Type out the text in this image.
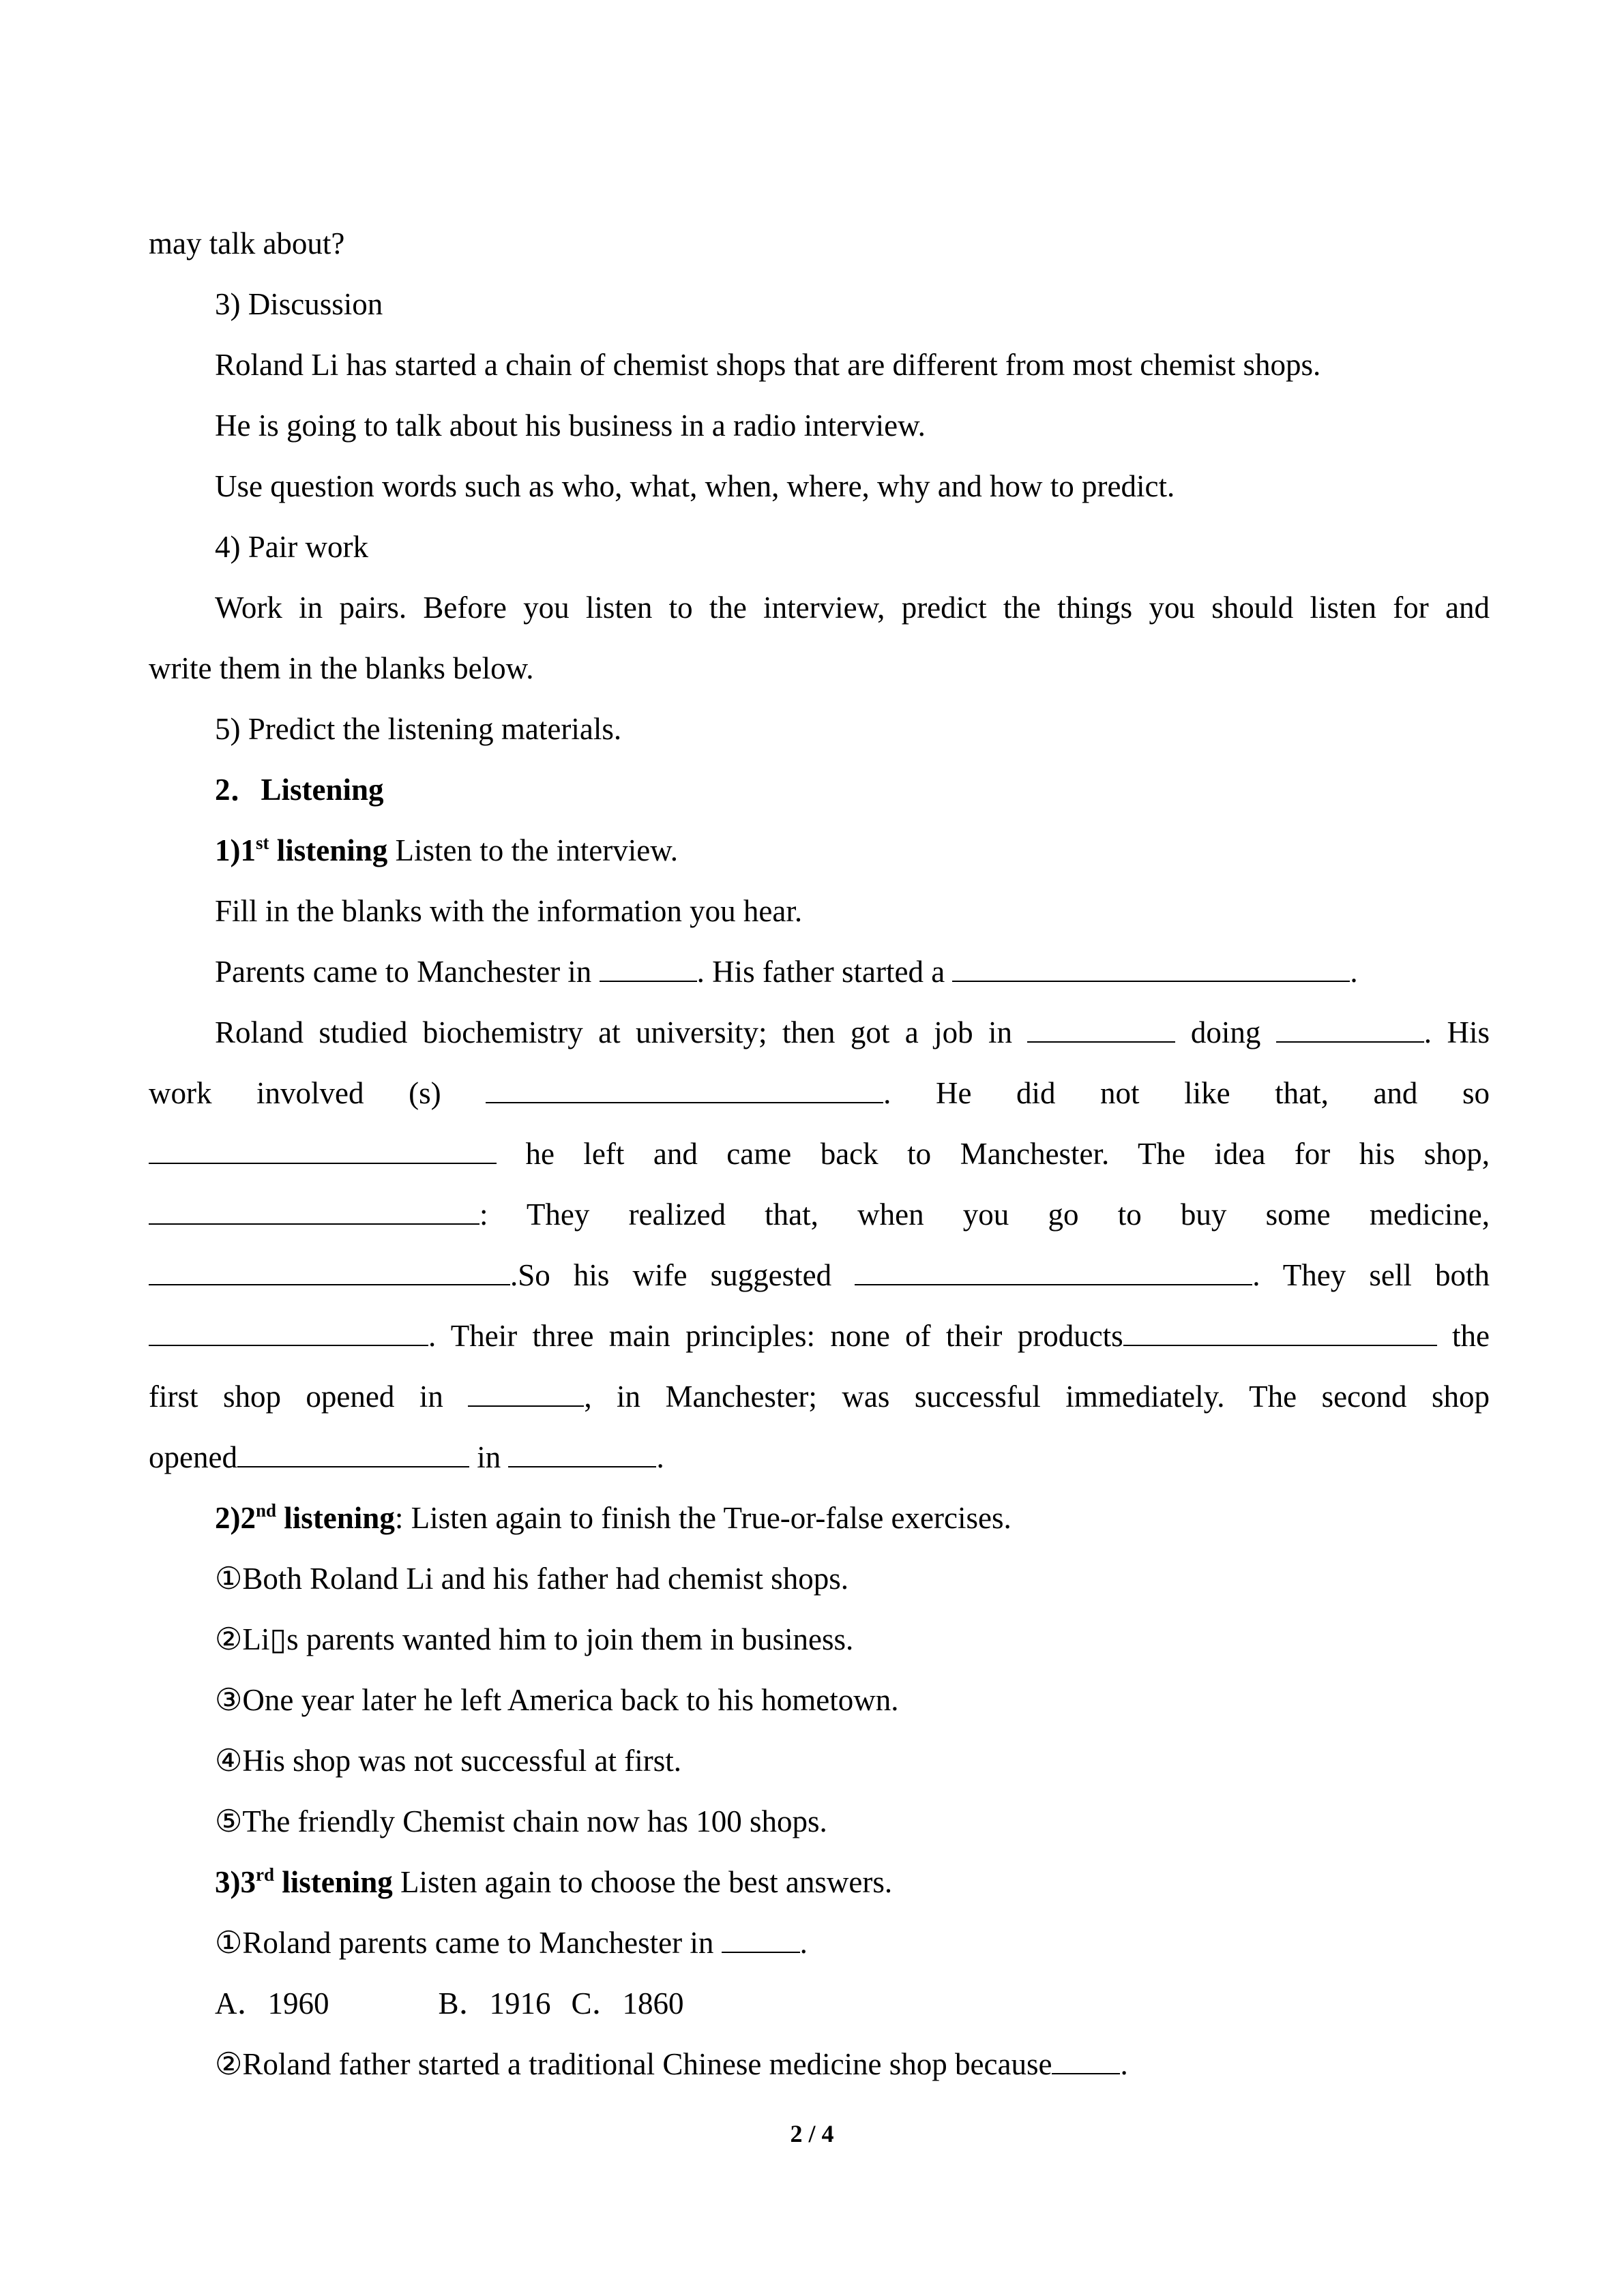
may talk about?

3) Discussion

Roland Li has started a chain of chemist shops that are different from most chemist shops.

He is going to talk about his business in a radio interview.

Use question words such as who, what, when, where, why and how to predict.

4) Pair work

Work in pairs. Before you listen to the interview, predict the things you should listen for and

write them in the blanks below.

5) Predict the listening materials.

2．Listening

1)1st listening Listen to the interview.

Fill in the blanks with the information you hear.

Parents came to Manchester in	. His father started a	.

Roland studied biochemistry at university; then got a job in	doing	. His

work involved (s)	. He did not like that, and so

he left and came back to Manchester. The idea for his shop,

: They realized that, when you go to buy some medicine,

.So his wife suggested	. They sell both

. Their three main principles: none of their products	the

first shop opened in	, in Manchester; was successful immediately. The second shop

opened	in	.

2)2nd listening: Listen again to finish the True-or-false exercises.

①Both Roland Li and his father had chemist shops.

②Li▯s parents wanted him to join them in business.

③One year later he left America back to his hometown.

④His shop was not successful at first.

⑤The friendly Chemist chain now has 100 shops.

3)3rd listening Listen again to choose the best answers.

①Roland parents came to Manchester in	.

A．1960	B．1916 C．1860

②Roland father started a traditional Chinese medicine shop because .

2 / 4
